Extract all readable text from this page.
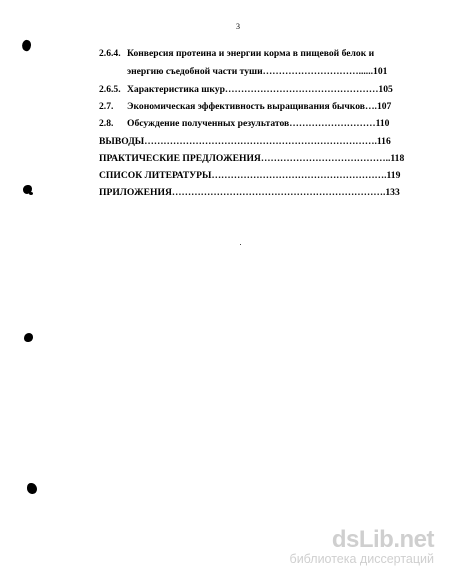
3
2.6.4. Конверсия протеина и энергии корма в пищевой белок и
энергию съедобной части туши…………………………......101
2.6.5. Характеристика шкур…………………………………………105
2.7. Экономическая эффективность выращивания бычков….107
2.8. Обсуждение полученных результатов………………………110
ВЫВОДЫ……………………………………………………………….116
ПРАКТИЧЕСКИЕ ПРЕДЛОЖЕНИЯ…………………………………..118
СПИСОК ЛИТЕРАТУРЫ……………………………………………….119
ПРИЛОЖЕНИЯ………………………………………………………….133
dsLib.net
библиотека диссертаций
